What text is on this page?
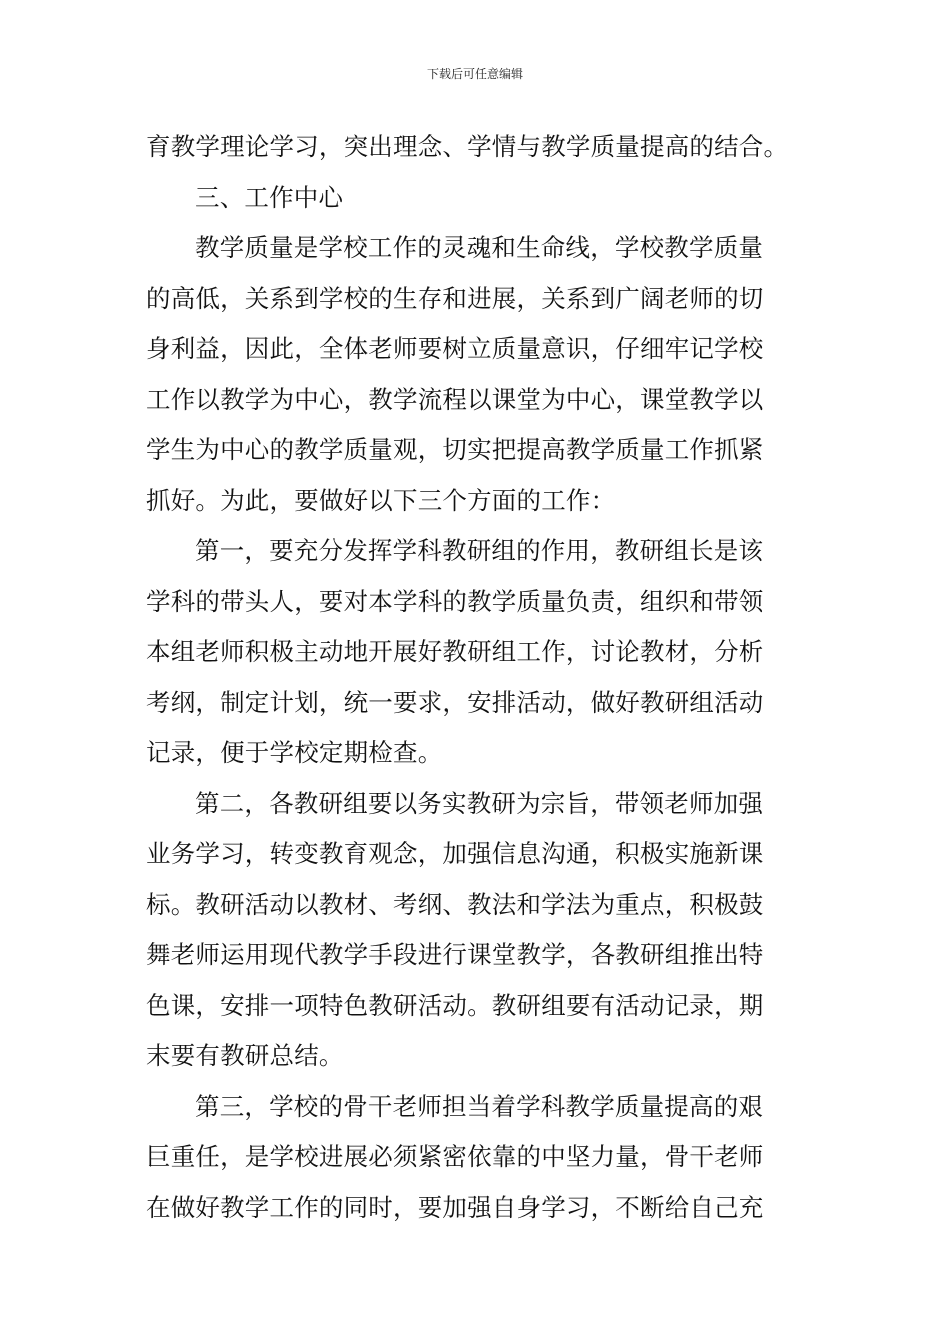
下载后可任意编辑

育教学理论学习，突出理念、学情与教学质量提高的结合。

三、工作中心

教学质量是学校工作的灵魂和生命线，学校教学质量
的高低，关系到学校的生存和进展，关系到广阔老师的切
身利益，因此，全体老师要树立质量意识，仔细牢记学校
工作以教学为中心，教学流程以课堂为中心，课堂教学以
学生为中心的教学质量观，切实把提高教学质量工作抓紧
抓好。为此，要做好以下三个方面的工作：

第一，要充分发挥学科教研组的作用，教研组长是该
学科的带头人，要对本学科的教学质量负责，组织和带领
本组老师积极主动地开展好教研组工作，讨论教材，分析
考纲，制定计划，统一要求，安排活动，做好教研组活动
记录，便于学校定期检查。

第二，各教研组要以务实教研为宗旨，带领老师加强
业务学习，转变教育观念，加强信息沟通，积极实施新课
标。教研活动以教材、考纲、教法和学法为重点，积极鼓
舞老师运用现代教学手段进行课堂教学，各教研组推出特
色课，安排一项特色教研活动。教研组要有活动记录，期
末要有教研总结。

第三，学校的骨干老师担当着学科教学质量提高的艰
巨重任，是学校进展必须紧密依靠的中坚力量，骨干老师
在做好教学工作的同时，要加强自身学习，不断给自己充
